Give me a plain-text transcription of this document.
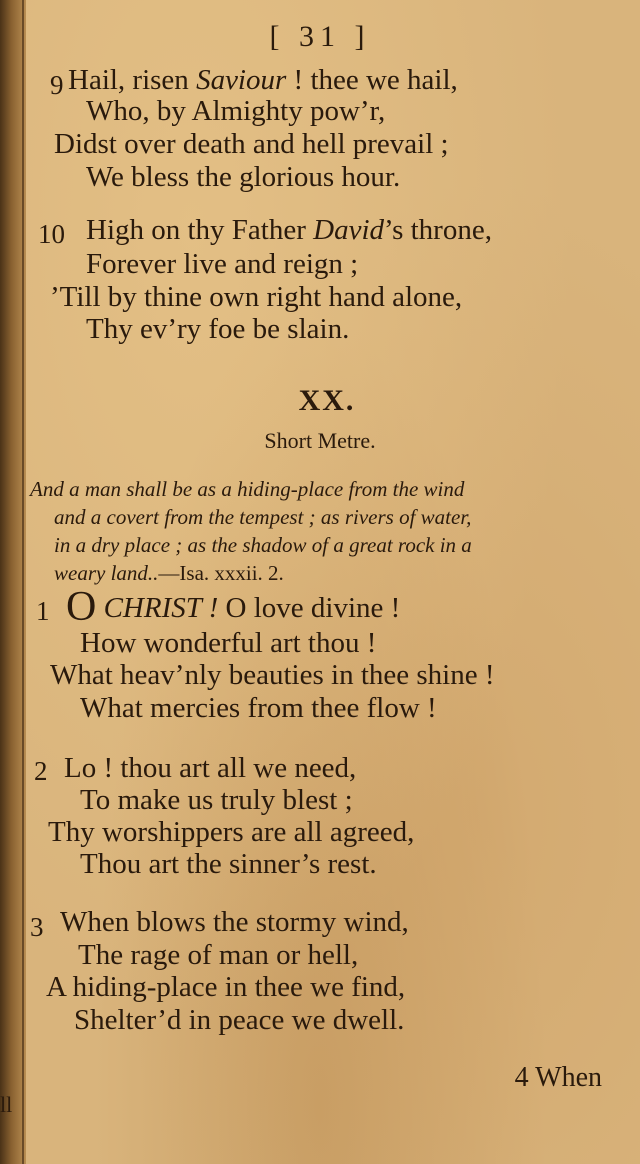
ll
[ 31 ]
9 Hail, risen Saviour ! thee we hail,
Who, by Almighty pow’r,
Didst over death and hell prevail ;
We bless the glorious hour.
10 High on thy Father David’s throne,
Forever live and reign ;
’Till by thine own right hand alone,
Thy ev’ry foe be slain.
XX.
Short Metre.
And a man shall be as a hiding-place from the wind
and a covert from the tempest ; as rivers of water,
in a dry place ; as the shadow of a great rock in a
weary land..—Isa. xxxii. 2.
1 O CHRIST ! O love divine !
How wonderful art thou !
What heav’nly beauties in thee shine !
What mercies from thee flow !
2 Lo ! thou art all we need,
To make us truly blest ;
Thy worshippers are all agreed,
Thou art the sinner’s rest.
3 When blows the stormy wind,
The rage of man or hell,
A hiding-place in thee we find,
Shelter’d in peace we dwell.
4 When
